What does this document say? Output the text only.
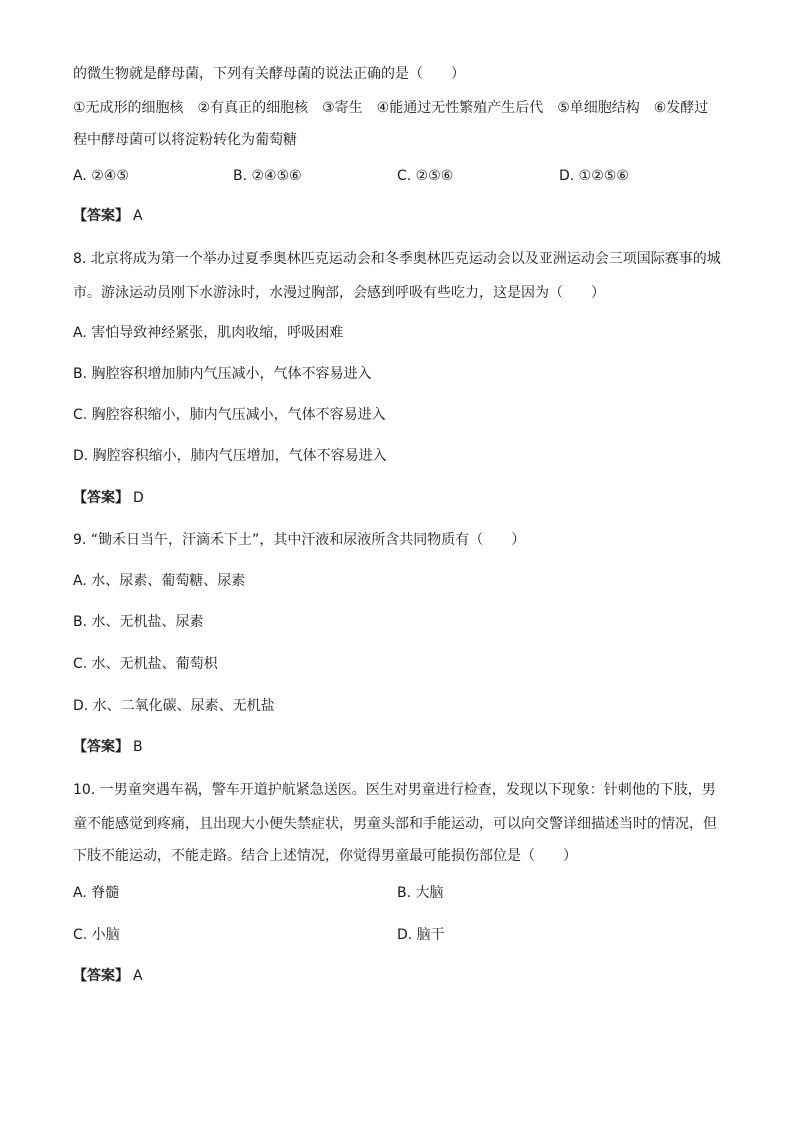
的微生物就是酵母菌，下列有关酵母菌的说法正确的是（　　）
①无成形的细胞核　②有真正的细胞核　③寄生　④能通过无性繁殖产生后代　⑤单细胞结构　⑥发酵过
程中酵母菌可以将淀粉转化为葡萄糖
A. ②④⑤	B. ②④⑤⑥	C. ②⑤⑥	D. ①②⑤⑥
【答案】 A
8. 北京将成为第一个举办过夏季奥林匹克运动会和冬季奥林匹克运动会以及亚洲运动会三项国际赛事的城
市。游泳运动员刚下水游泳时，水漫过胸部，会感到呼吸有些吃力，这是因为（　　）
A. 害怕导致神经紧张，肌肉收缩，呼吸困难
B. 胸腔容积增加肺内气压减小，气体不容易进入
C. 胸腔容积缩小，肺内气压减小，气体不容易进入
D. 胸腔容积缩小，肺内气压增加，气体不容易进入
【答案】 D
9. “锄禾日当午，汗滴禾下土”，其中汗液和尿液所含共同物质有（　　）
A. 水、尿素、葡萄糖、尿素
B. 水、无机盐、尿素
C. 水、无机盐、葡萄枳
D. 水、二氧化碳、尿素、无机盐
【答案】 B
10. 一男童突遇车祸，警车开道护航紧急送医。医生对男童进行检查，发现以下现象：针刺他的下肢，男
童不能感觉到疼痛，且出现大小便失禁症状，男童头部和手能运动，可以向交警详细描述当时的情况，但
下肢不能运动，不能走路。结合上述情况，你觉得男童最可能损伤部位是（　　）
A. 脊髓	B. 大脑
C. 小脑	D. 脑干
【答案】 A
